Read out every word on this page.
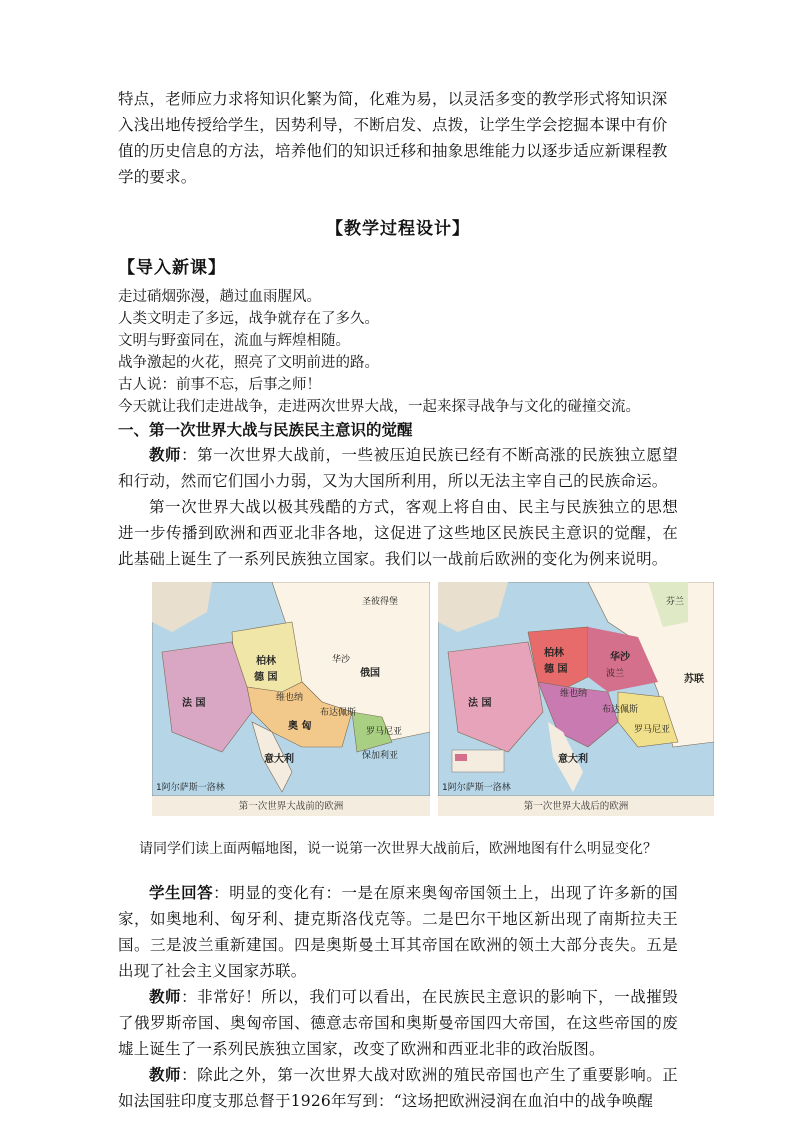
特点，老师应力求将知识化繁为简，化难为易，以灵活多变的教学形式将知识深

入浅出地传授给学生，因势利导，不断启发、点拨，让学生学会挖掘本课中有价

值的历史信息的方法，培养他们的知识迁移和抽象思维能力以逐步适应新课程教

学的要求。

【教学过程设计】

【导入新课】

走过硝烟弥漫，趟过血雨腥风。

人类文明走了多远，战争就存在了多久。

文明与野蛮同在，流血与辉煌相随。

战争激起的火花，照亮了文明前进的路。

古人说：前事不忘，后事之师！

今天就让我们走进战争，走进两次世界大战，一起来探寻战争与文化的碰撞交流。

一、第一次世界大战与民族民主意识的觉醒

教师：第一次世界大战前，一些被压迫民族已经有不断高涨的民族独立愿望和行动，然而它们国小力弱，又为大国所利用，所以无法主宰自己的民族命运。

第一次世界大战以极其残酷的方式，客观上将自由、民主与民族独立的思想进一步传播到欧洲和西亚北非各地，这促进了这些地区民族民主意识的觉醒，在此基础上诞生了一系列民族独立国家。我们以一战前后欧洲的变化为例来说明。

圣彼得堡
柏林
德 国
华沙
俄国
维也纳
布达佩斯
奥 匈
法 国
罗马尼亚
意大利	保加利亚
1阿尔萨斯一洛林
第一次世界大战前的欧洲
芬兰
柏林
德 国
华沙
波兰
维也纳
布达佩斯
法 国
罗马尼亚
意大利
苏联
1阿尔萨斯一洛林
第一次世界大战后的欧洲

请同学们读上面两幅地图，说一说第一次世界大战前后，欧洲地图有什么明显变化？

学生回答：明显的变化有：一是在原来奥匈帝国领土上，出现了许多新的国家，如奥地利、匈牙利、捷克斯洛伐克等。二是巴尔干地区新出现了南斯拉夫王国。三是波兰重新建国。四是奥斯曼土耳其帝国在欧洲的领土大部分丧失。五是出现了社会主义国家苏联。

教师：非常好！所以，我们可以看出，在民族民主意识的影响下，一战摧毁了俄罗斯帝国、奥匈帝国、德意志帝国和奥斯曼帝国四大帝国，在这些帝国的废墟上诞生了一系列民族独立国家，改变了欧洲和西亚北非的政治版图。

教师：除此之外，第一次世界大战对欧洲的殖民帝国也产生了重要影响。正如法国驻印度支那总督于1926年写到：“这场把欧洲浸润在血泊中的战争唤醒
